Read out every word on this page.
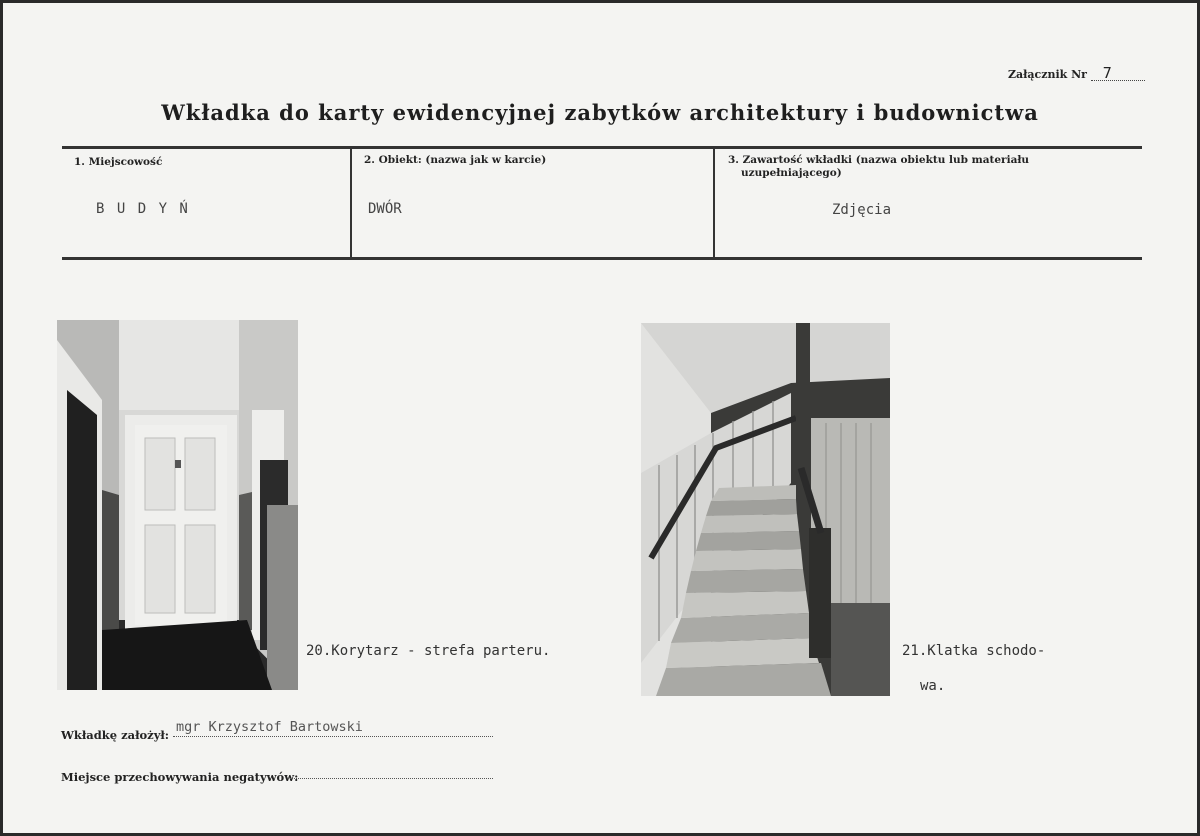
Załącznik Nr 7
Wkładka do karty ewidencyjnej zabytków architektury i budownictwa
1. Miejscowość
B U D Y Ń
2. Obiekt: (nazwa jak w karcie)
DWÓR
3. Zawartość wkładki (nazwa obiektu lub materiału
uzupełniającego)
Zdjęcia
20.Korytarz - strefa parteru.	21.Klatka schodo-
wa.
Wkładkę założył: mgr Krzysztof Bartowski
Miejsce przechowywania negatywów:
